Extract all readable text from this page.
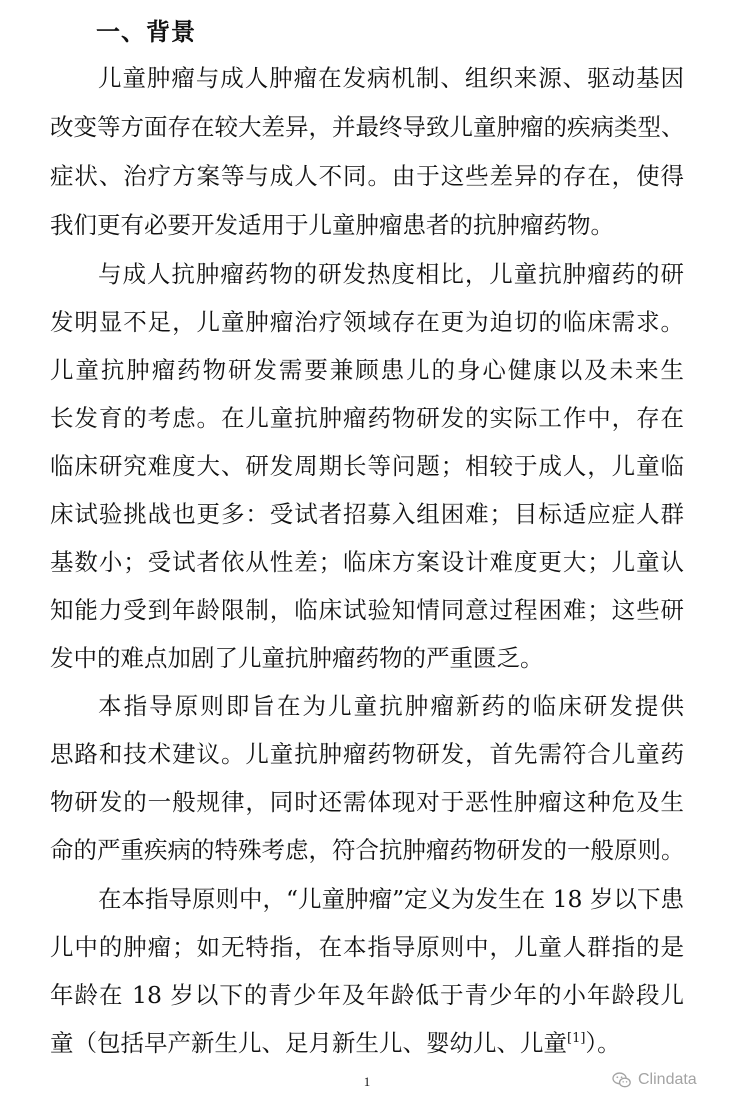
一、背景
儿童肿瘤与成人肿瘤在发病机制、组织来源、驱动基因
改变等方面存在较大差异，并最终导致儿童肿瘤的疾病类型、
症状、治疗方案等与成人不同。由于这些差异的存在，使得
我们更有必要开发适用于儿童肿瘤患者的抗肿瘤药物。
与成人抗肿瘤药物的研发热度相比，儿童抗肿瘤药的研
发明显不足，儿童肿瘤治疗领域存在更为迫切的临床需求。
儿童抗肿瘤药物研发需要兼顾患儿的身心健康以及未来生
长发育的考虑。在儿童抗肿瘤药物研发的实际工作中，存在
临床研究难度大、研发周期长等问题；相较于成人，儿童临
床试验挑战也更多：受试者招募入组困难；目标适应症人群
基数小；受试者依从性差；临床方案设计难度更大；儿童认
知能力受到年龄限制，临床试验知情同意过程困难；这些研
发中的难点加剧了儿童抗肿瘤药物的严重匮乏。
本指导原则即旨在为儿童抗肿瘤新药的临床研发提供
思路和技术建议。儿童抗肿瘤药物研发，首先需符合儿童药
物研发的一般规律，同时还需体现对于恶性肿瘤这种危及生
命的严重疾病的特殊考虑，符合抗肿瘤药物研发的一般原则。
在本指导原则中，“儿童肿瘤”定义为发生在 18 岁以下患
儿中的肿瘤；如无特指，在本指导原则中，儿童人群指的是
年龄在 18 岁以下的青少年及年龄低于青少年的小年龄段儿
童（包括早产新生儿、足月新生儿、婴幼儿、儿童[1]）。
1	Clindata
